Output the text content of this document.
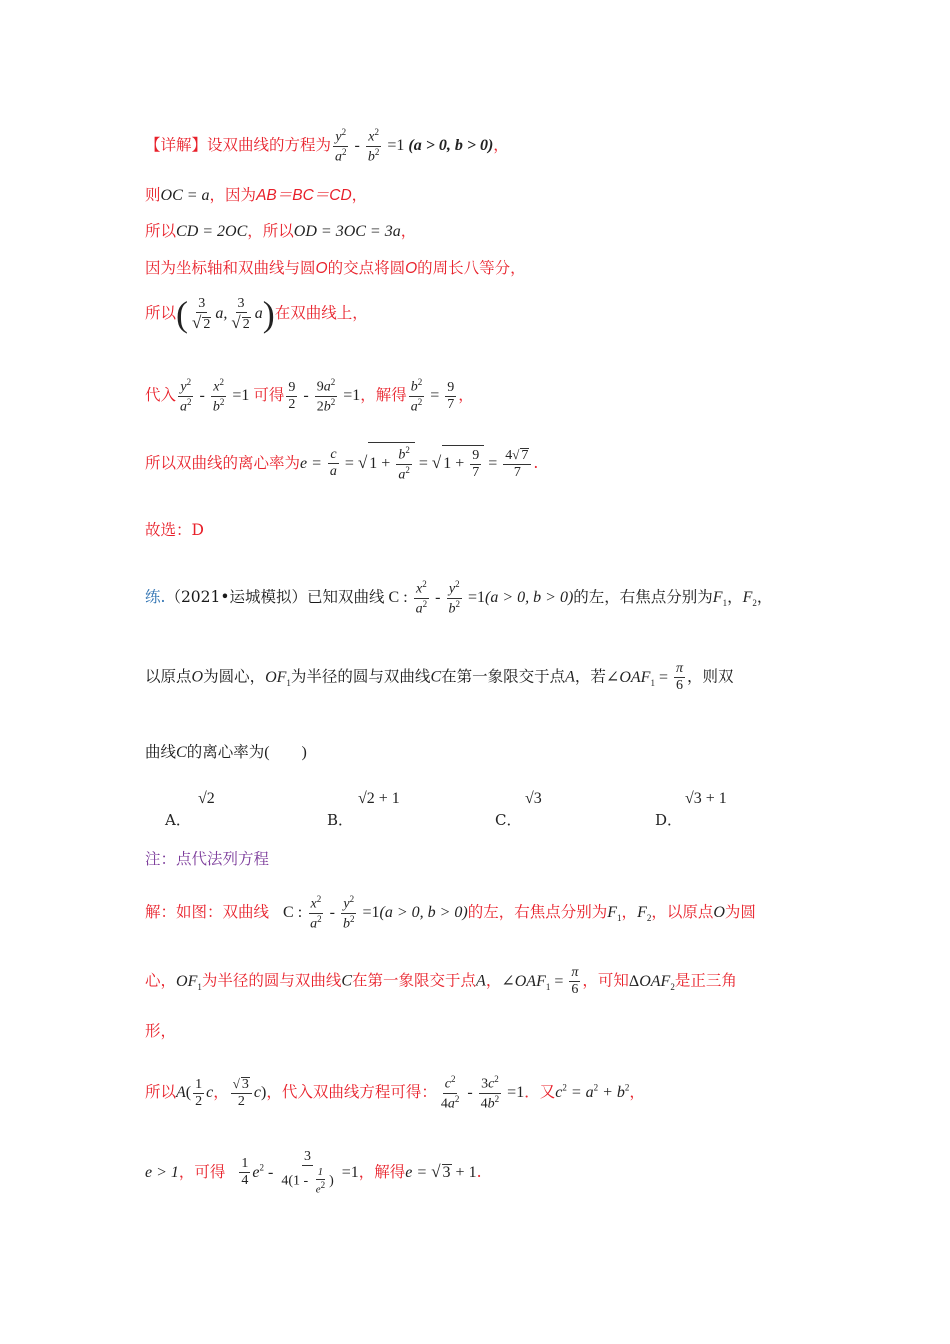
【详解】设双曲线的方程为 $\frac{y^2}{a^2} - \frac{x^2}{b^2} =1$ (a > 0, b > 0)，
则OC = a，因为AB＝BC＝CD，
所以CD = 2OC，所以OD = 3OC = 3a，
因为坐标轴和双曲线与圆O的交点将圆O的周长八等分，
所以( $\frac{3}{√ 2} a$, $\frac{3}{√ 2} a$)在双曲线上，
代入 $\frac{y^2}{a^2} - \frac{x^2}{b^2} =1$ 可得 $\frac{9}{2} - \frac{9a^2}{2b^2} =1$，解得 $\frac{b^2}{a^2} = \frac{9}{7}$ ，
所以双曲线的离心率为$e = \frac{c}{a}$ = √ $1 + \frac{b^2}{a^2}$ = √ $1 + \frac{9}{7} = \frac{4√ 7}{7}$ .
故选：D
练.（2021•运城模拟）已知双曲线 C : $\frac{x^2}{a^2} - \frac{y^2}{b^2} =1(a > 0$, b > 0)的左，右焦点分别为$F_1$，$F_2$，
以原点O为圆心，$OF_1$为半径的圆与双曲线C在第一象限交于点A，若$\angle OAF_1 = \frac{\pi}{6}$ ，则双
曲线C的离心率为(　　)
A．
√2
B．
√2 + 1
C．
√3
D．
√3 + 1
注：点代法列方程
解：如图：双曲线 C : $\frac{x^2}{a^2} - \frac{y^2}{b^2} =1(a > 0$, b > 0)的左，右焦点分别为$F_1$，$F_2$，以原点O为圆
心，$OF_1$为半径的圆与双曲线C在第一象限交于点A，$\angle OAF_1 = \frac{\pi}{6}$ ，可知$\Delta OAF_2$是正三角
形，
所以$A( \frac{1}{2}$ c， $\frac{√ 3}{2} c$)，代入双曲线方程可得： $\frac{c^2}{4a^2} - \frac{3c^2}{4b^2} =1$．又$c^2 = a^2 + b^2$，
e > 1，可得 $\frac{1}{4} e^2 - \frac{3}{4(1 - \frac{1}{e^2} )} =1$，解得e = √ 3 + 1.
